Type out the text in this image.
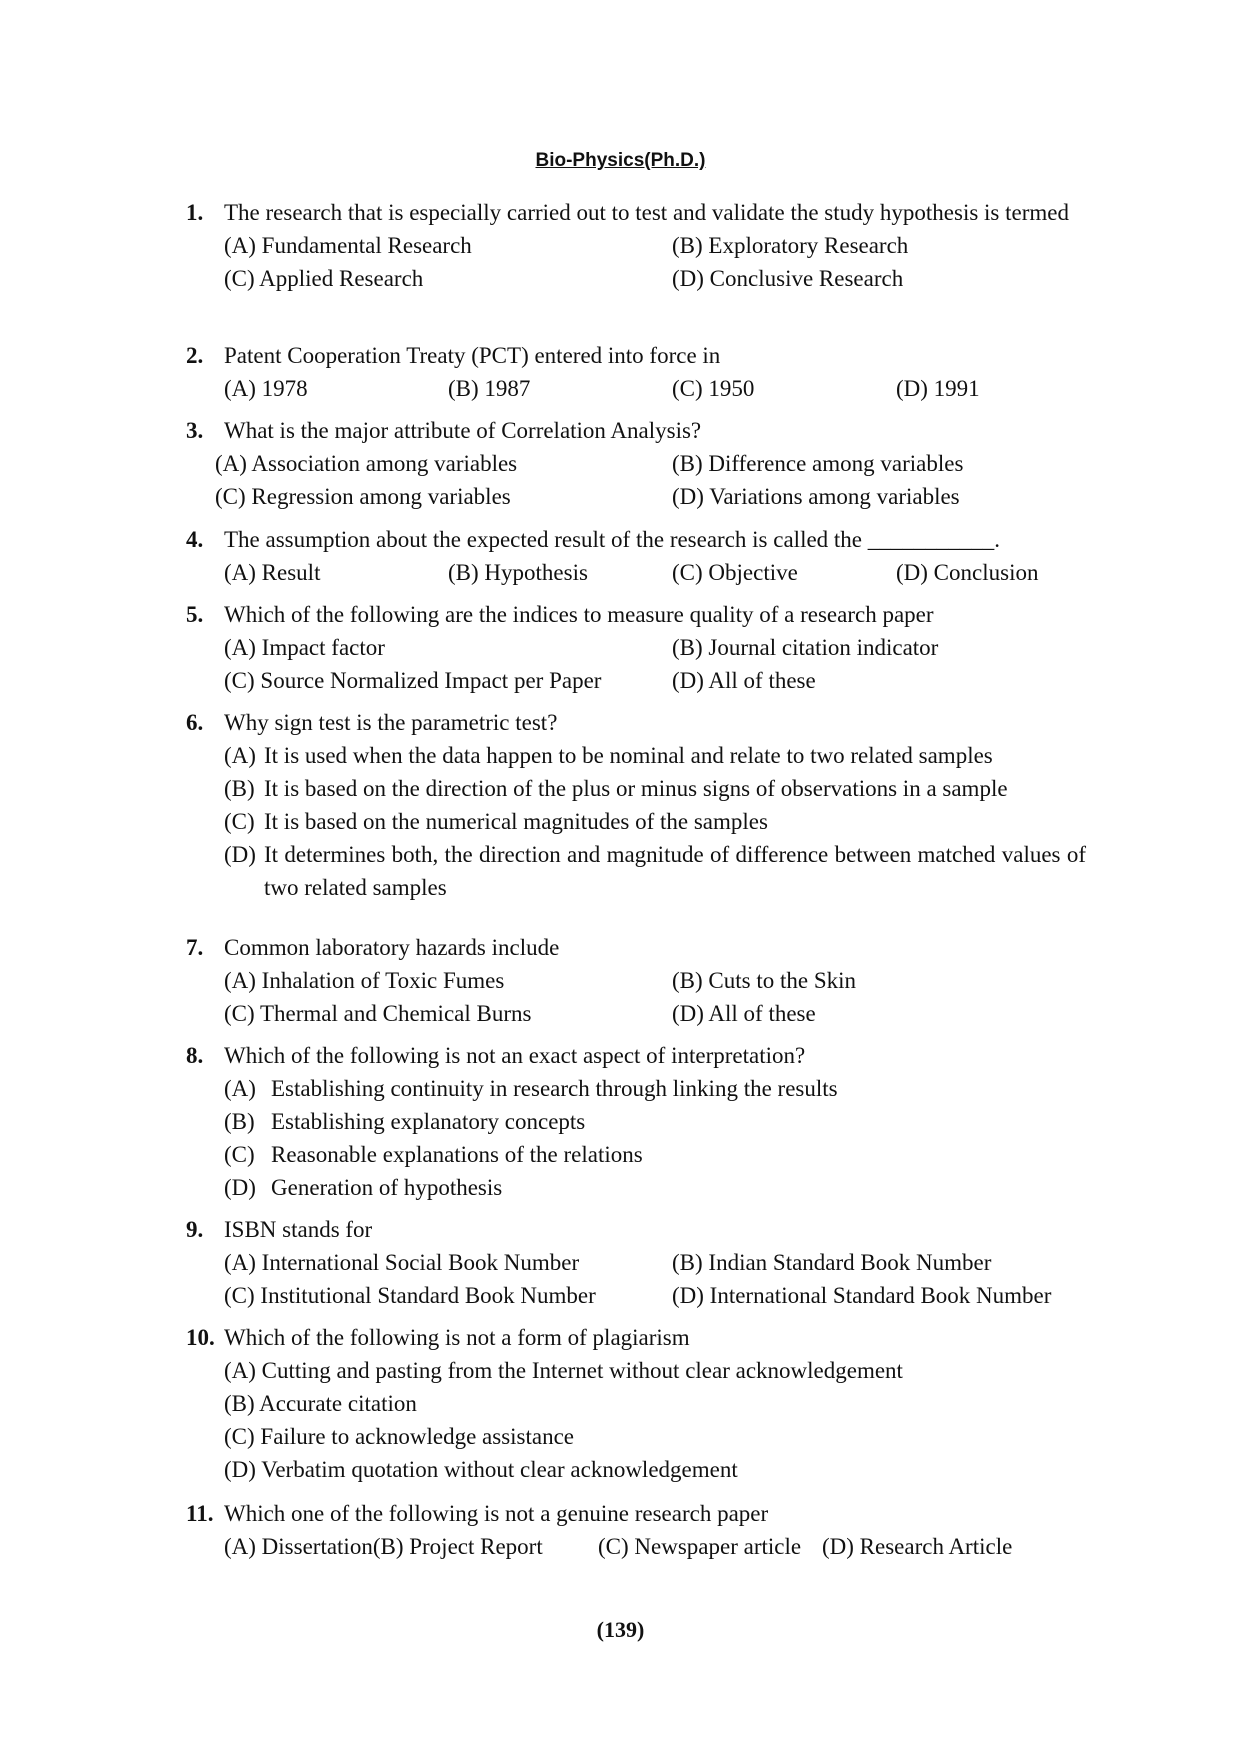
Bio-Physics(Ph.D.)
1. The research that is especially carried out to test and validate the study hypothesis is termed
(A) Fundamental Research	(B) Exploratory Research
(C) Applied Research	(D) Conclusive Research
2. Patent Cooperation Treaty (PCT) entered into force in
(A) 1978	(B) 1987	(C) 1950	(D) 1991
3. What is the major attribute of Correlation Analysis?
(A) Association among variables	(B) Difference among variables
(C) Regression among variables	(D) Variations among variables
4. The assumption about the expected result of the research is called the ___________.
(A) Result	(B) Hypothesis	(C) Objective	(D) Conclusion
5. Which of the following are the indices to measure quality of a research paper
(A) Impact factor	(B) Journal citation indicator
(C) Source Normalized Impact per Paper	(D) All of these
6. Why sign test is the parametric test?
(A) It is used when the data happen to be nominal and relate to two related samples
(B) It is based on the direction of the plus or minus signs of observations in a sample
(C) It is based on the numerical magnitudes of the samples
(D) It determines both, the direction and magnitude of difference between matched values of two related samples
7. Common laboratory hazards include
(A) Inhalation of Toxic Fumes	(B) Cuts to the Skin
(C) Thermal and Chemical Burns	(D) All of these
8. Which of the following is not an exact aspect of interpretation?
(A) Establishing continuity in research through linking the results
(B) Establishing explanatory concepts
(C) Reasonable explanations of the relations
(D) Generation of hypothesis
9. ISBN stands for
(A) International Social Book Number	(B) Indian Standard Book Number
(C) Institutional Standard Book Number	(D) International Standard Book Number
10. Which of the following is not a form of plagiarism
(A) Cutting and pasting from the Internet without clear acknowledgement
(B) Accurate citation
(C) Failure to acknowledge assistance
(D) Verbatim quotation without clear acknowledgement
11. Which one of the following is not a genuine research paper
(A) Dissertation(B) Project Report	(C) Newspaper article (D) Research Article
(139)
